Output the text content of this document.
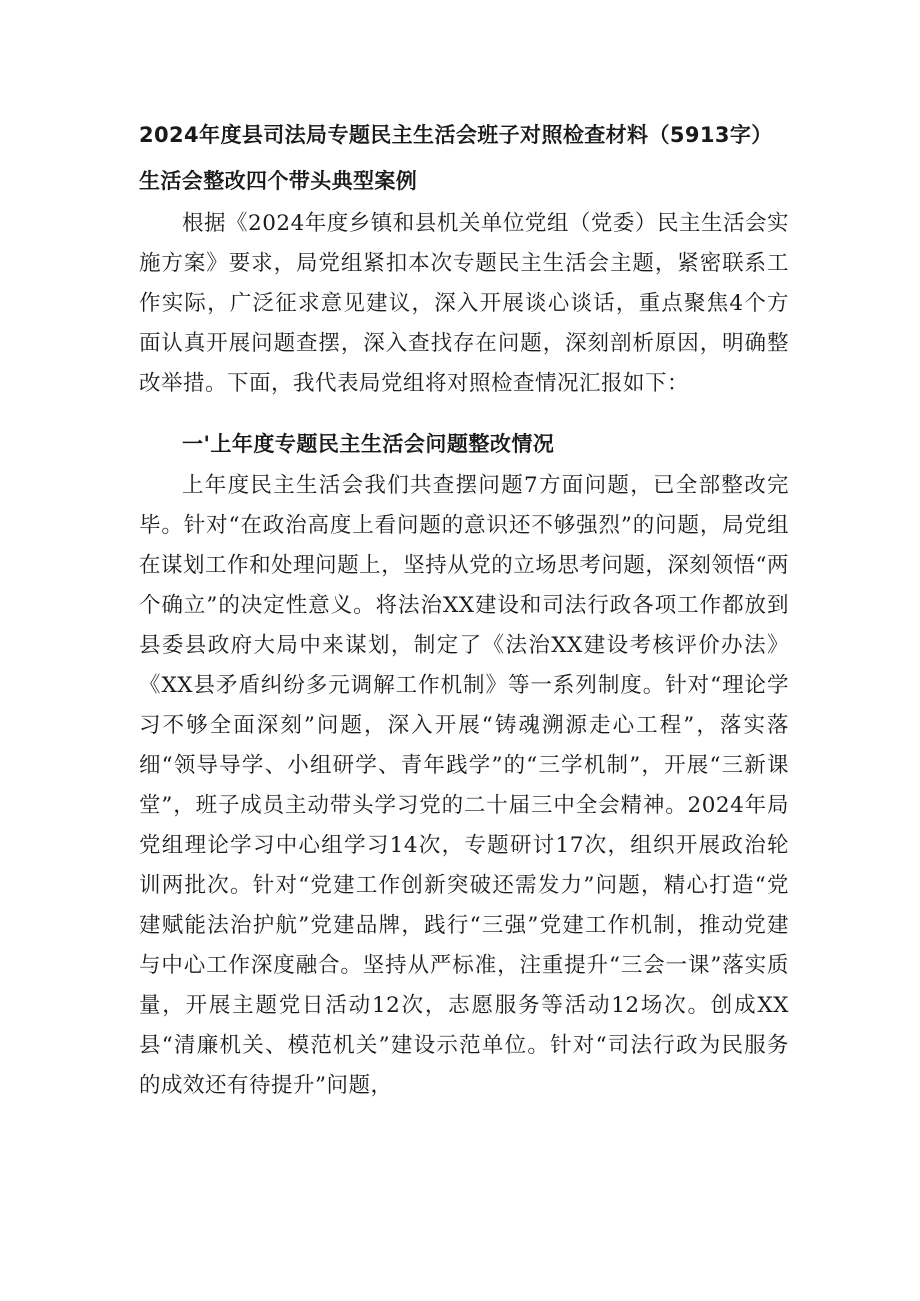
2024年度县司法局专题民主生活会班子对照检查材料（5913字）
生活会整改四个带头典型案例

根据《2024年度乡镇和县机关单位党组（党委）民主生活会实施方案》要求，局党组紧扣本次专题民主生活会主题，紧密联系工作实际，广泛征求意见建议，深入开展谈心谈话，重点聚焦4个方面认真开展问题查摆，深入查找存在问题，深刻剖析原因，明确整改举措。下面，我代表局党组将对照检查情况汇报如下：

一'上年度专题民主生活会问题整改情况

上年度民主生活会我们共查摆问题7方面问题，已全部整改完毕。针对“在政治高度上看问题的意识还不够强烈”的问题，局党组在谋划工作和处理问题上，坚持从党的立场思考问题，深刻领悟“两个确立”的决定性意义。将法治XX建设和司法行政各项工作都放到县委县政府大局中来谋划，制定了《法治XX建设考核评价办法》《XX县矛盾纠纷多元调解工作机制》等一系列制度。针对“理论学习不够全面深刻”问题，深入开展“铸魂溯源走心工程”，落实落细“领导导学、小组研学、青年践学”的“三学机制”，开展“三新课堂”，班子成员主动带头学习党的二十届三中全会精神。2024年局党组理论学习中心组学习14次，专题研讨17次，组织开展政治轮训两批次。针对“党建工作创新突破还需发力”问题，精心打造“党建赋能法治护航”党建品牌，践行“三强”党建工作机制，推动党建与中心工作深度融合。坚持从严标准，注重提升“三会一课”落实质量，开展主题党日活动12次，志愿服务等活动12场次。创成XX县“清廉机关、模范机关”建设示范单位。针对“司法行政为民服务的成效还有待提升”问题，
